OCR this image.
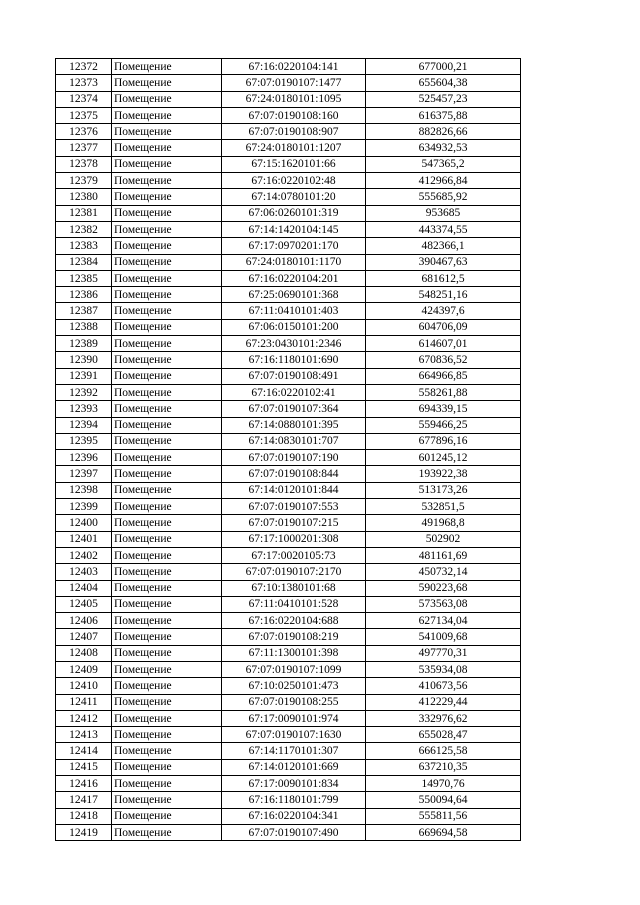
12372	Помещение	67:16:0220104:141	677000,21
12373	Помещение	67:07:0190107:1477	655604,38
12374	Помещение	67:24:0180101:1095	525457,23
12375	Помещение	67:07:0190108:160	616375,88
12376	Помещение	67:07:0190108:907	882826,66
12377	Помещение	67:24:0180101:1207	634932,53
12378	Помещение	67:15:1620101:66	547365,2
12379	Помещение	67:16:0220102:48	412966,84
12380	Помещение	67:14:0780101:20	555685,92
12381	Помещение	67:06:0260101:319	953685
12382	Помещение	67:14:1420104:145	443374,55
12383	Помещение	67:17:0970201:170	482366,1
12384	Помещение	67:24:0180101:1170	390467,63
12385	Помещение	67:16:0220104:201	681612,5
12386	Помещение	67:25:0690101:368	548251,16
12387	Помещение	67:11:0410101:403	424397,6
12388	Помещение	67:06:0150101:200	604706,09
12389	Помещение	67:23:0430101:2346	614607,01
12390	Помещение	67:16:1180101:690	670836,52
12391	Помещение	67:07:0190108:491	664966,85
12392	Помещение	67:16:0220102:41	558261,88
12393	Помещение	67:07:0190107:364	694339,15
12394	Помещение	67:14:0880101:395	559466,25
12395	Помещение	67:14:0830101:707	677896,16
12396	Помещение	67:07:0190107:190	601245,12
12397	Помещение	67:07:0190108:844	193922,38
12398	Помещение	67:14:0120101:844	513173,26
12399	Помещение	67:07:0190107:553	532851,5
12400	Помещение	67:07:0190107:215	491968,8
12401	Помещение	67:17:1000201:308	502902
12402	Помещение	67:17:0020105:73	481161,69
12403	Помещение	67:07:0190107:2170	450732,14
12404	Помещение	67:10:1380101:68	590223,68
12405	Помещение	67:11:0410101:528	573563,08
12406	Помещение	67:16:0220104:688	627134,04
12407	Помещение	67:07:0190108:219	541009,68
12408	Помещение	67:11:1300101:398	497770,31
12409	Помещение	67:07:0190107:1099	535934,08
12410	Помещение	67:10:0250101:473	410673,56
12411	Помещение	67:07:0190108:255	412229,44
12412	Помещение	67:17:0090101:974	332976,62
12413	Помещение	67:07:0190107:1630	655028,47
12414	Помещение	67:14:1170101:307	666125,58
12415	Помещение	67:14:0120101:669	637210,35
12416	Помещение	67:17:0090101:834	14970,76
12417	Помещение	67:16:1180101:799	550094,64
12418	Помещение	67:16:0220104:341	555811,56
12419	Помещение	67:07:0190107:490	669694,58
